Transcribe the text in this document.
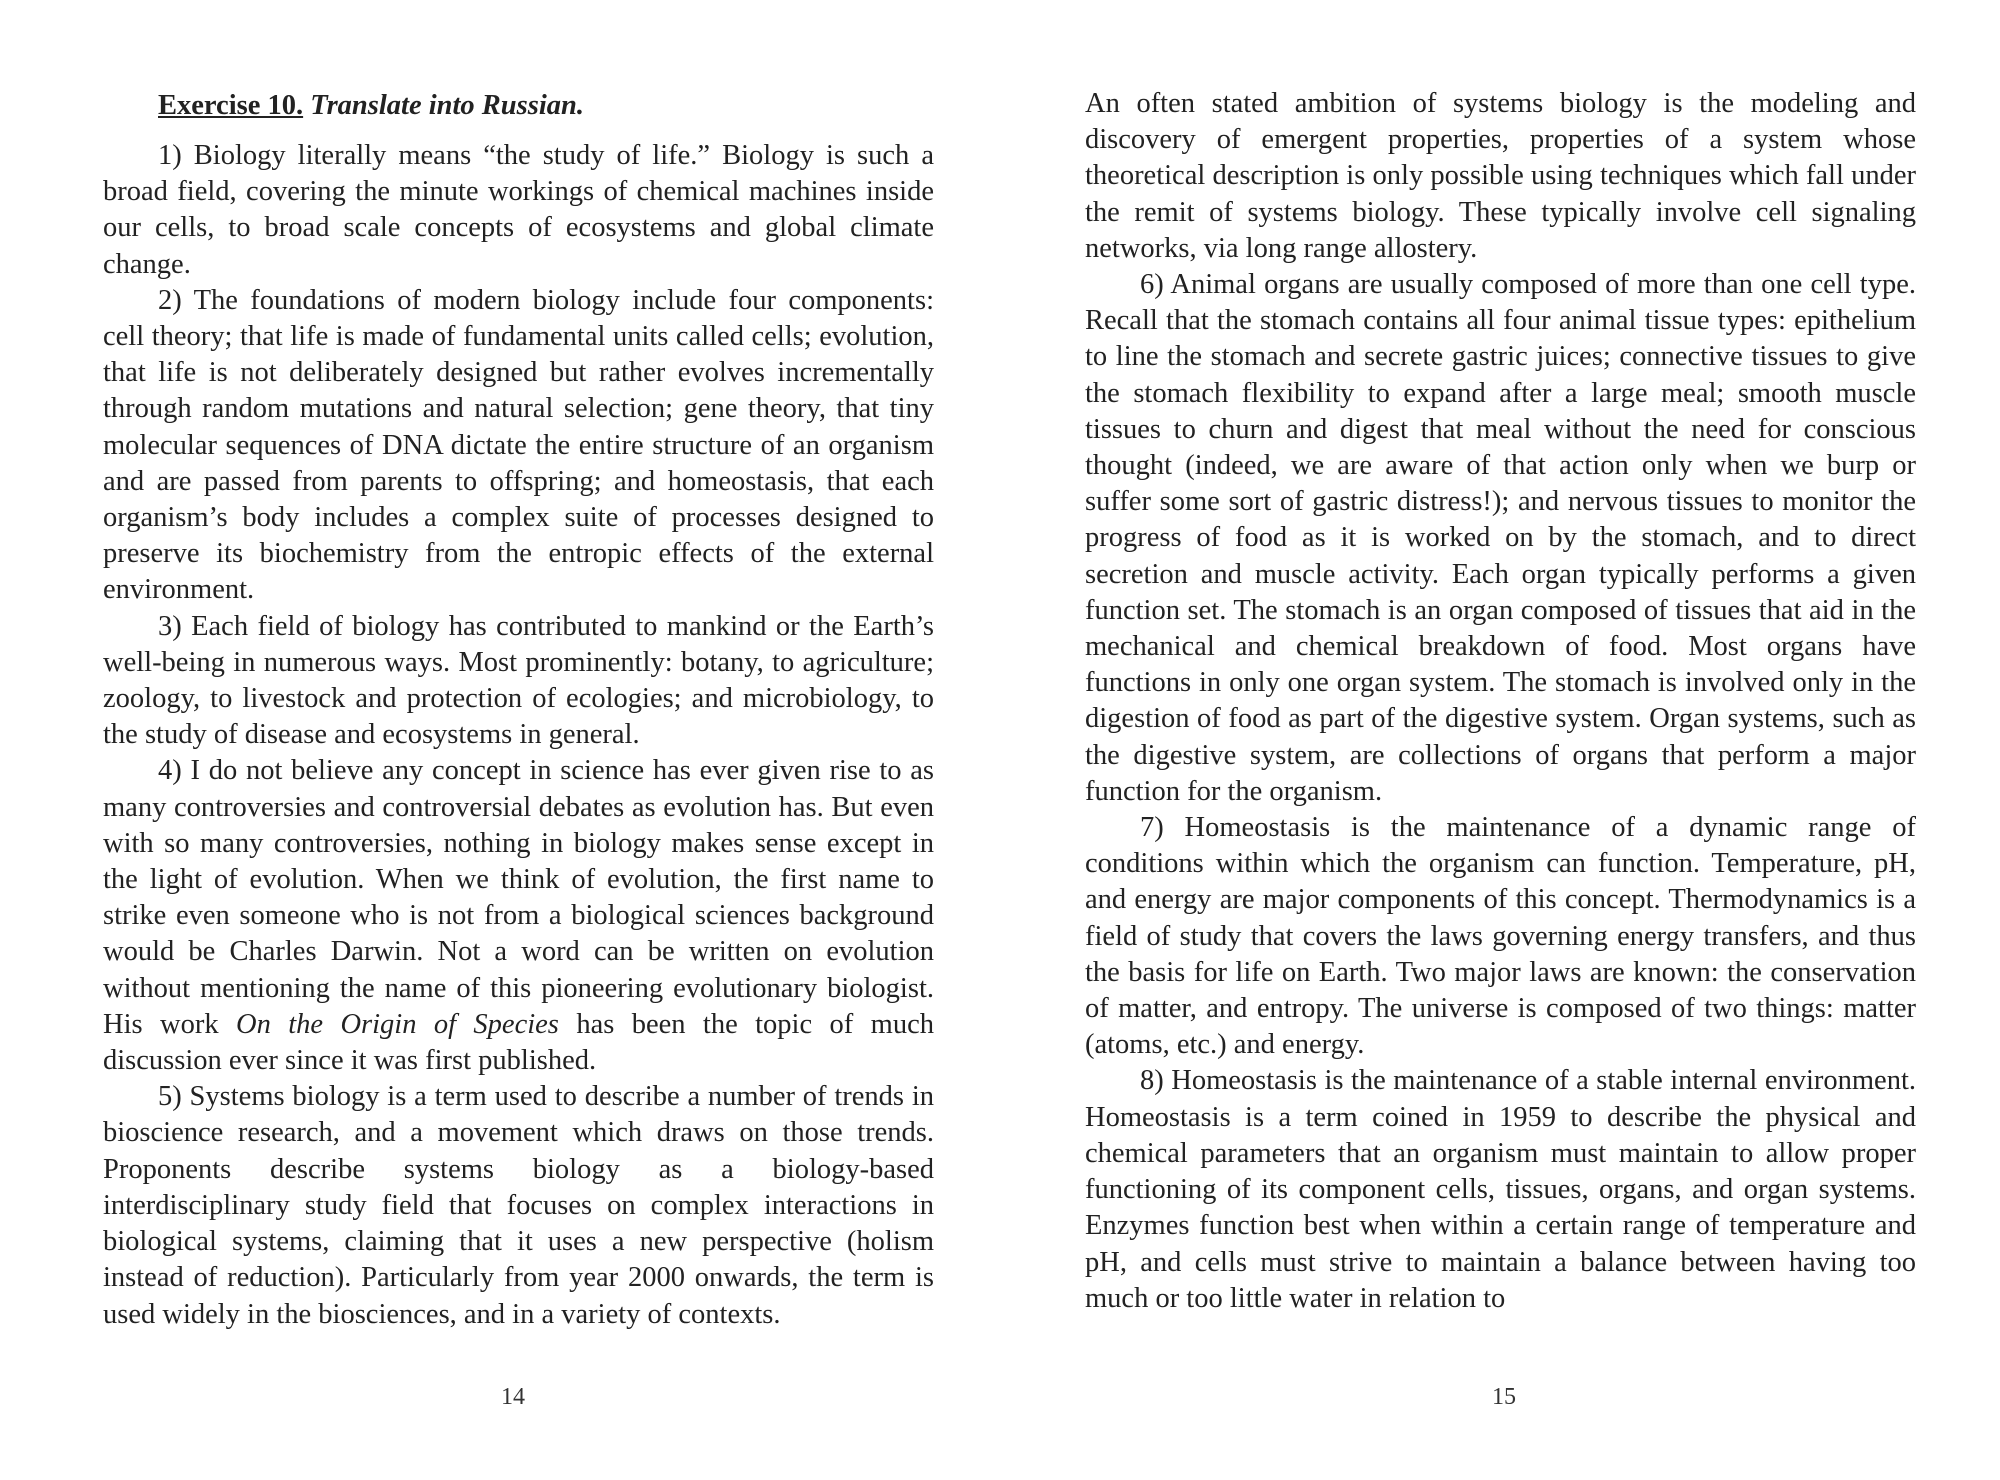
Exercise 10. Translate into Russian.

1) Biology literally means “the study of life.” Biology is such a broad field, covering the minute workings of chemical machines inside our cells, to broad scale concepts of ecosystems and global climate change.

2) The foundations of modern biology include four components: cell theory; that life is made of fundamental units called cells; evolution, that life is not deliberately designed but rather evolves incrementally through random mutations and natural selection; gene theory, that tiny molecular sequences of DNA dictate the entire structure of an organism and are passed from parents to offspring; and homeostasis, that each organism’s body includes a complex suite of processes designed to preserve its biochemistry from the entropic effects of the external environment.

3) Each field of biology has contributed to mankind or the Earth’s well-being in numerous ways. Most prominently: botany, to agriculture; zoology, to livestock and protection of ecologies; and microbiology, to the study of disease and ecosystems in general.

4) I do not believe any concept in science has ever given rise to as many controversies and controversial debates as evolution has. But even with so many controversies, nothing in biology makes sense except in the light of evolution. When we think of evolution, the first name to strike even someone who is not from a biological sciences background would be Charles Darwin. Not a word can be written on evolution without mentioning the name of this pioneering evolutionary biologist. His work On the Origin of Species has been the topic of much discussion ever since it was first published.

5) Systems biology is a term used to describe a number of trends in bioscience research, and a movement which draws on those trends. Proponents describe systems biology as a biology-based interdisciplinary study field that focuses on complex interactions in biological systems, claiming that it uses a new perspective (holism instead of reduction). Particularly from year 2000 onwards, the term is used widely in the biosciences, and in a variety of contexts.

14

An often stated ambition of systems biology is the modeling and discovery of emergent properties, properties of a system whose theoretical description is only possible using techniques which fall under the remit of systems biology. These typically involve cell signaling networks, via long range allostery.

6) Animal organs are usually composed of more than one cell type. Recall that the stomach contains all four animal tissue types: epithelium to line the stomach and secrete gastric juices; connective tissues to give the stomach flexibility to expand after a large meal; smooth muscle tissues to churn and digest that meal without the need for conscious thought (indeed, we are aware of that action only when we burp or suffer some sort of gastric distress!); and nervous tissues to monitor the progress of food as it is worked on by the stomach, and to direct secretion and muscle activity. Each organ typically performs a given function set. The stomach is an organ composed of tissues that aid in the mechanical and chemical breakdown of food. Most organs have functions in only one organ system. The stomach is involved only in the digestion of food as part of the digestive system. Organ systems, such as the digestive system, are collections of organs that perform a major function for the organism.

7) Homeostasis is the maintenance of a dynamic range of conditions within which the organism can function. Temperature, pH, and energy are major components of this concept. Thermodynamics is a field of study that covers the laws governing energy transfers, and thus the basis for life on Earth. Two major laws are known: the conservation of matter, and entropy. The universe is composed of two things: matter (atoms, etc.) and energy.

8) Homeostasis is the maintenance of a stable internal environment. Homeostasis is a term coined in 1959 to describe the physical and chemical parameters that an organism must maintain to allow proper functioning of its component cells, tissues, organs, and organ systems. Enzymes function best when within a certain range of temperature and pH, and cells must strive to maintain a balance between having too much or too little water in relation to

15
